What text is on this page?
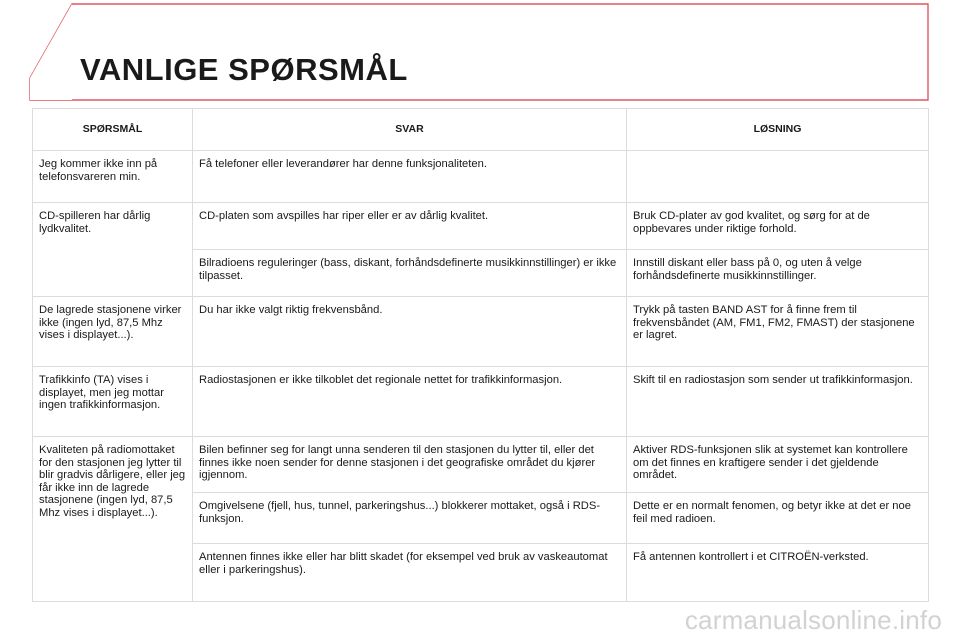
VANLIGE SPØRSMÅL
SPØRSMÅL	SVAR	LØSNING

Jeg kommer ikke inn på telefonsvareren min.	Få telefoner eller leverandører har denne funksjonaliteten.	

CD-spilleren har dårlig lydkvalitet.	CD-platen som avspilles har riper eller er av dårlig kvalitet.	Bruk CD-plater av god kvalitet, og sørg for at de oppbevares under riktige forhold.

	Bilradioens reguleringer (bass, diskant, forhåndsdefinerte musikkinnstillinger) er ikke tilpasset.	Innstill diskant eller bass på 0, og uten å velge forhåndsdefinerte musikkinnstillinger.

De lagrede stasjonene virker ikke (ingen lyd, 87,5 Mhz vises i displayet...).	Du har ikke valgt riktig frekvensbånd.	Trykk på tasten BAND AST for å finne frem til frekvensbåndet (AM, FM1, FM2, FMAST) der stasjonene er lagret.

Trafikkinfo (TA) vises i displayet, men jeg mottar ingen trafikkinformasjon.	Radiostasjonen er ikke tilkoblet det regionale nettet for trafikkinformasjon.	Skift til en radiostasjon som sender ut trafikkinformasjon.

Kvaliteten på radiomottaket for den stasjonen jeg lytter til blir gradvis dårligere, eller jeg får ikke inn de lagrede stasjonene (ingen lyd, 87,5 Mhz vises i displayet...).	Bilen befinner seg for langt unna senderen til den stasjonen du lytter til, eller det finnes ikke noen sender for denne stasjonen i det geografiske området du kjører igjennom.	Aktiver RDS-funksjonen slik at systemet kan kontrollere om det finnes en kraftigere sender i det gjeldende området.

	Omgivelsene (fjell, hus, tunnel, parkeringshus...) blokkerer mottaket, også i RDS-funksjon.	Dette er en normalt fenomen, og betyr ikke at det er noe feil med radioen.

	Antennen finnes ikke eller har blitt skadet (for eksempel ved bruk av vaskeautomat eller i parkeringshus).	Få antennen kontrollert i et CITROËN-verksted.
carmanualsonline.info
